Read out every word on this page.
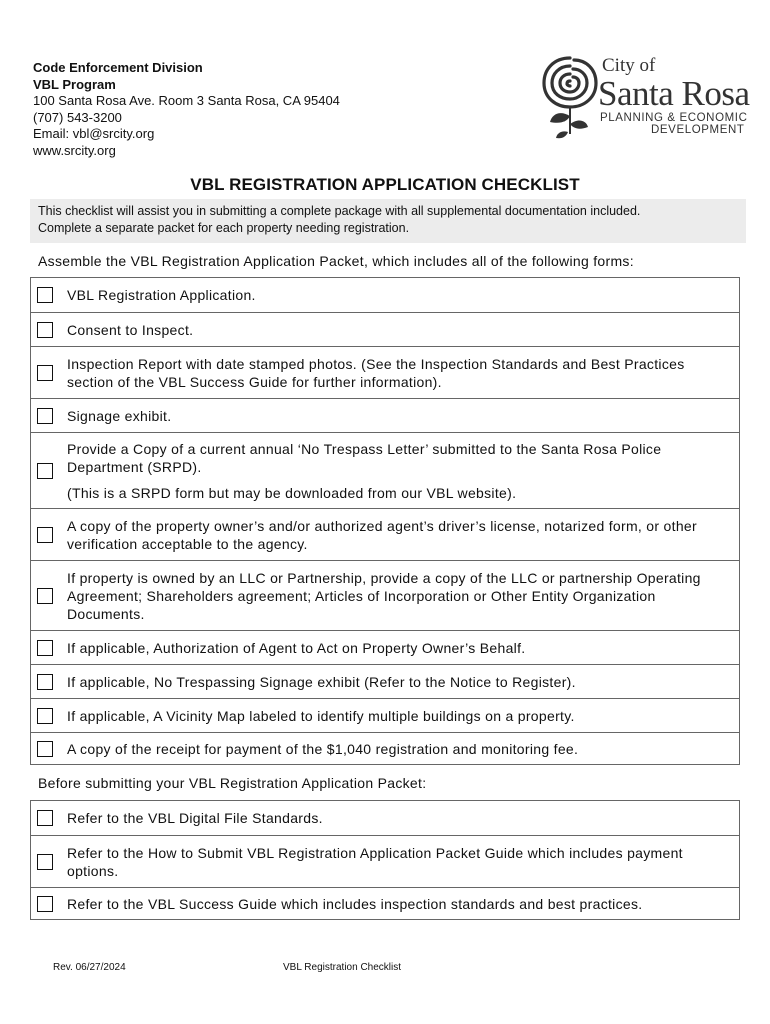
Code Enforcement Division
VBL Program
100 Santa Rosa Ave. Room 3 Santa Rosa, CA 95404
(707) 543-3200
Email: vbl@srcity.org
www.srcity.org
City of
Santa Rosa
PLANNING & ECONOMIC
DEVELOPMENT
VBL REGISTRATION APPLICATION CHECKLIST
This checklist will assist you in submitting a complete package with all supplemental documentation included.
Complete a separate packet for each property needing registration.
Assemble the VBL Registration Application Packet, which includes all of the following forms:
VBL Registration Application.
Consent to Inspect.
Inspection Report with date stamped photos. (See the Inspection Standards and Best Practices section of the VBL Success Guide for further information).
Signage exhibit.
Provide a Copy of a current annual ‘No Trespass Letter’ submitted to the Santa Rosa Police Department (SRPD).
(This is a SRPD form but may be downloaded from our VBL website).
A copy of the property owner’s and/or authorized agent’s driver’s license, notarized form, or other verification acceptable to the agency.
If property is owned by an LLC or Partnership, provide a copy of the LLC or partnership Operating Agreement; Shareholders agreement; Articles of Incorporation or Other Entity Organization Documents.
If applicable, Authorization of Agent to Act on Property Owner’s Behalf.
If applicable, No Trespassing Signage exhibit (Refer to the Notice to Register).
If applicable, A Vicinity Map labeled to identify multiple buildings on a property.
A copy of the receipt for payment of the $1,040 registration and monitoring fee.
Before submitting your VBL Registration Application Packet:
Refer to the VBL Digital File Standards.
Refer to the How to Submit VBL Registration Application Packet Guide which includes payment options.
Refer to the VBL Success Guide which includes inspection standards and best practices.
Rev. 06/27/2024	VBL Registration Checklist
